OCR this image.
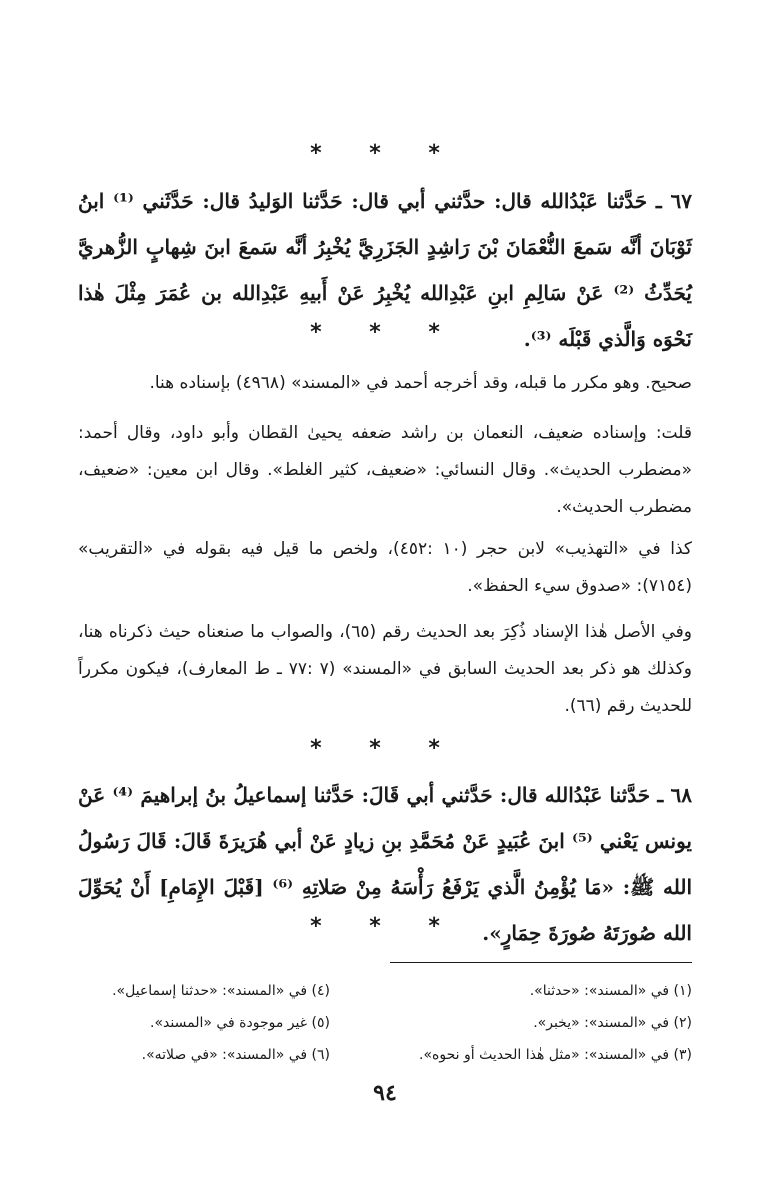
* * *

٦٧ ـ حَدَّثنا عَبْدُالله قال: حدَّثني أبي قال: حَدَّثنا الوَليدُ قال: حَدَّثَني ⁽¹⁾ ابنُ ثَوْبَانَ أنَّه سَمعَ النُّعْمَانَ بْنَ رَاشِدٍ الجَزَرِيَّ يُخْبِرُ أنَّه سَمعَ ابنَ شِهابٍ الزُّهريَّ يُحَدِّثُ ⁽²⁾ عَنْ سَالِمِ ابنِ عَبْدِالله يُخْبِرُ عَنْ أَبيهِ عَبْدِالله بن عُمَرَ مِثْلَ هٰذا نَحْوَه وَالَّذي قَبْلَه ⁽³⁾.

* * *

صحيح. وهو مكرر ما قبله، وقد أخرجه أحمد في «المسند» (٤٩٦٨) بإسناده هنا.

قلت: وإسناده ضعيف، النعمان بن راشد ضعفه يحيىٰ القطان وأبو داود، وقال أحمد: «مضطرب الحديث». وقال النسائي: «ضعيف، كثير الغلط». وقال ابن معين: «ضعيف، مضطرب الحديث».

كذا في «التهذيب» لابن حجر (١٠ :٤٥٢)، ولخص ما قيل فيه بقوله في «التقريب» (٧١٥٤): «صدوق سيء الحفظ».

وفي الأصل هٰذا الإسناد ذُكِرَ بعد الحديث رقم (٦٥)، والصواب ما صنعناه حيث ذكرناه هنا، وكذلك هو ذكر بعد الحديث السابق في «المسند» (٧ :٧٧ ـ ط المعارف)، فيكون مكرراً للحديث رقم (٦٦).

* * *

٦٨ ـ حَدَّثنا عَبْدُالله قال: حَدَّثني أبي قَالَ: حَدَّثنا إسماعيلُ بنُ إبراهيمَ ⁽⁴⁾ عَنْ يونس يَعْني ⁽⁵⁾ ابنَ عُبَيدٍ عَنْ مُحَمَّدِ بنِ زيادٍ عَنْ أبي هُرَيرَةَ قَالَ: قَالَ رَسُولُ الله ﷺ: «مَا يُؤْمِنُ الَّذي يَرْفَعُ رَأْسَهُ مِنْ صَلاتِهِ ⁽⁶⁾ [قَبْلَ الإِمَامِ] أَنْ يُحَوِّلَ الله صُورَتَهُ صُورَةَ حِمَارٍ».

* * *
(١) في «المسند»: «حدثنا».
(٢) في «المسند»: «يخبر».
(٣) في «المسند»: «مثل هٰذا الحديث أو نحوه».
(٤) في «المسند»: «حدثنا إسماعيل».
(٥) غير موجودة في «المسند».
(٦) في «المسند»: «في صلاته».
٩٤
